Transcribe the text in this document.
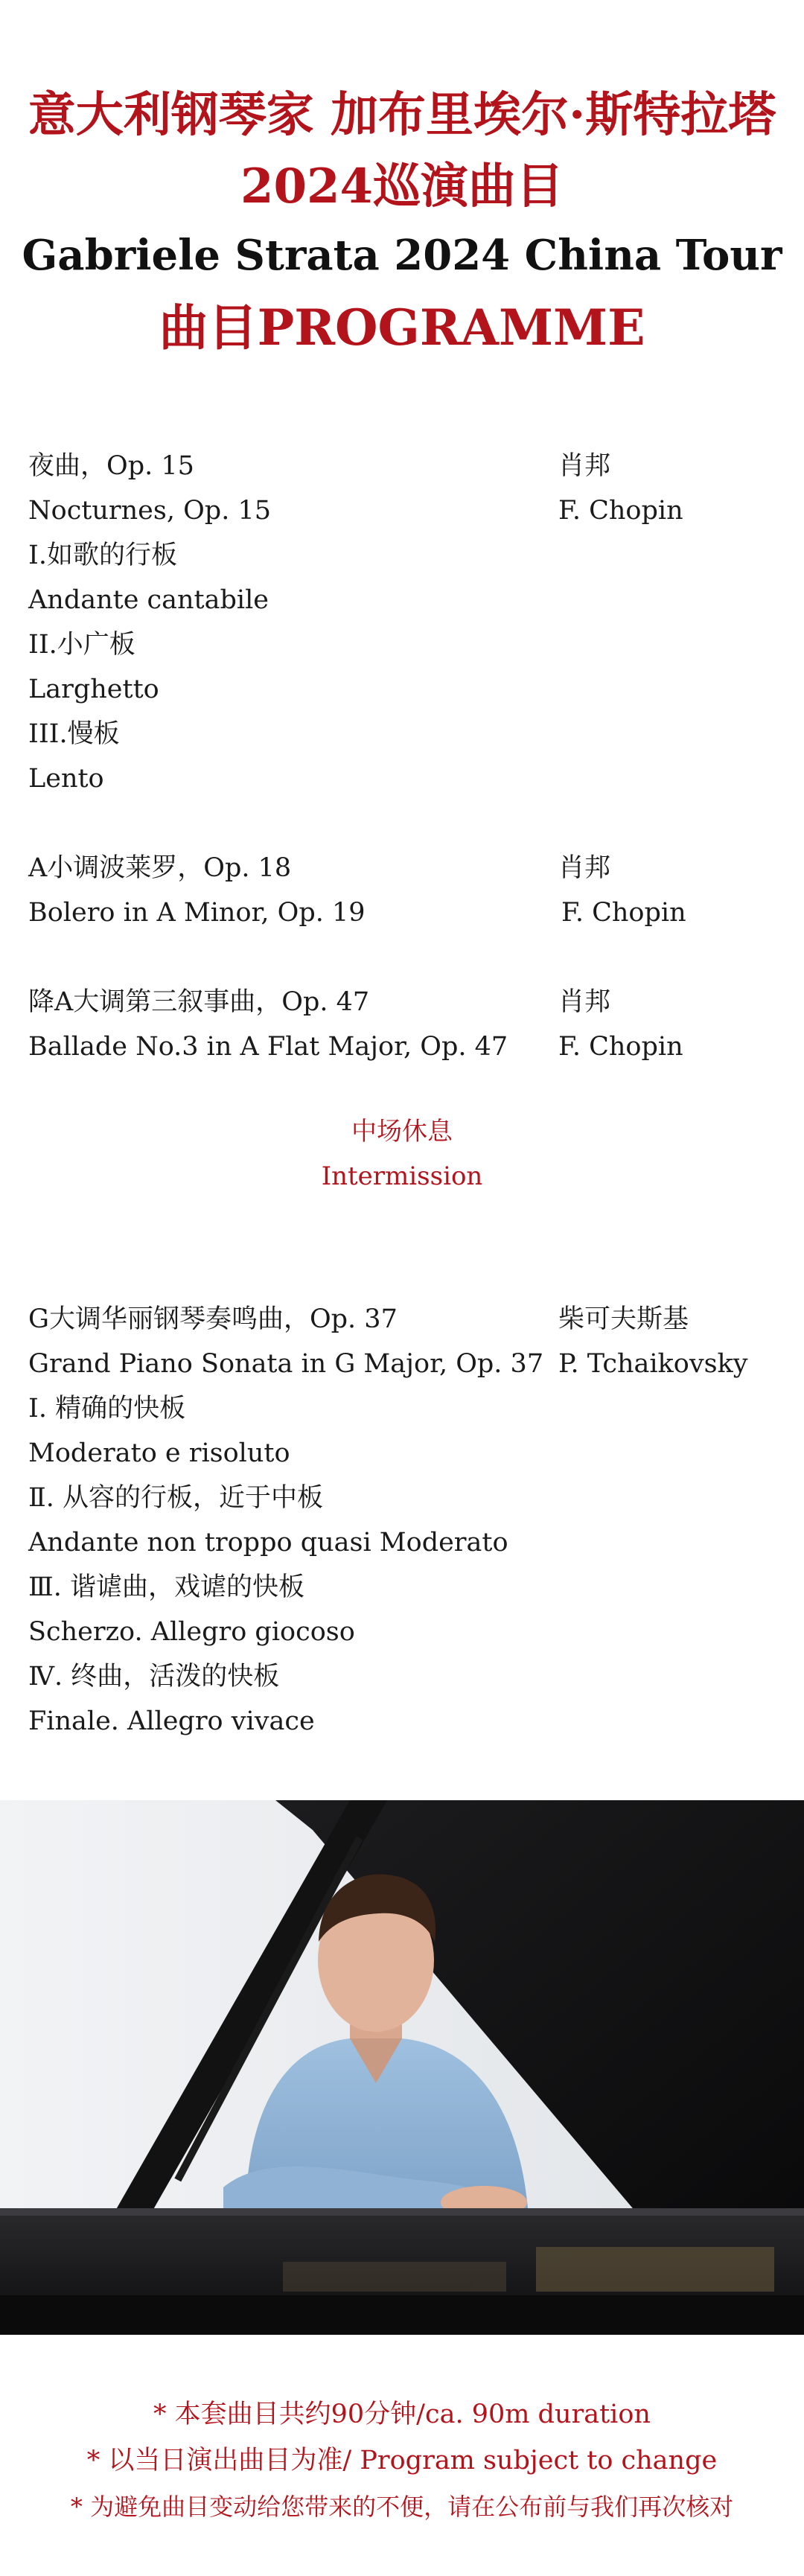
意大利钢琴家 加布里埃尔·斯特拉塔
2024巡演曲目
Gabriele Strata 2024 China Tour
曲目PROGRAMME
夜曲，Op. 15	肖邦
Nocturnes, Op. 15	F. Chopin
I.如歌的行板
Andante cantabile
II.小广板
Larghetto
III.慢板
Lento
A小调波莱罗，Op. 18	肖邦
Bolero in A Minor, Op. 19	F. Chopin
降A大调第三叙事曲，Op. 47	肖邦
Ballade No.3 in A Flat Major, Op. 47 F. Chopin
中场休息
Intermission
G大调华丽钢琴奏鸣曲，Op. 37	柴可夫斯基
Grand Piano Sonata in G Major, Op. 37 P. Tchaikovsky
Ⅰ. 精确的快板
Moderato e risoluto
Ⅱ. 从容的行板，近于中板
Andante non troppo quasi Moderato
Ⅲ. 谐谑曲，戏谑的快板
Scherzo. Allegro giocoso
Ⅳ. 终曲，活泼的快板
Finale. Allegro vivace
* 本套曲目共约90分钟/ca. 90m duration
* 以当日演出曲目为准/ Program subject to change
* 为避免曲目变动给您带来的不便，请在公布前与我们再次核对
